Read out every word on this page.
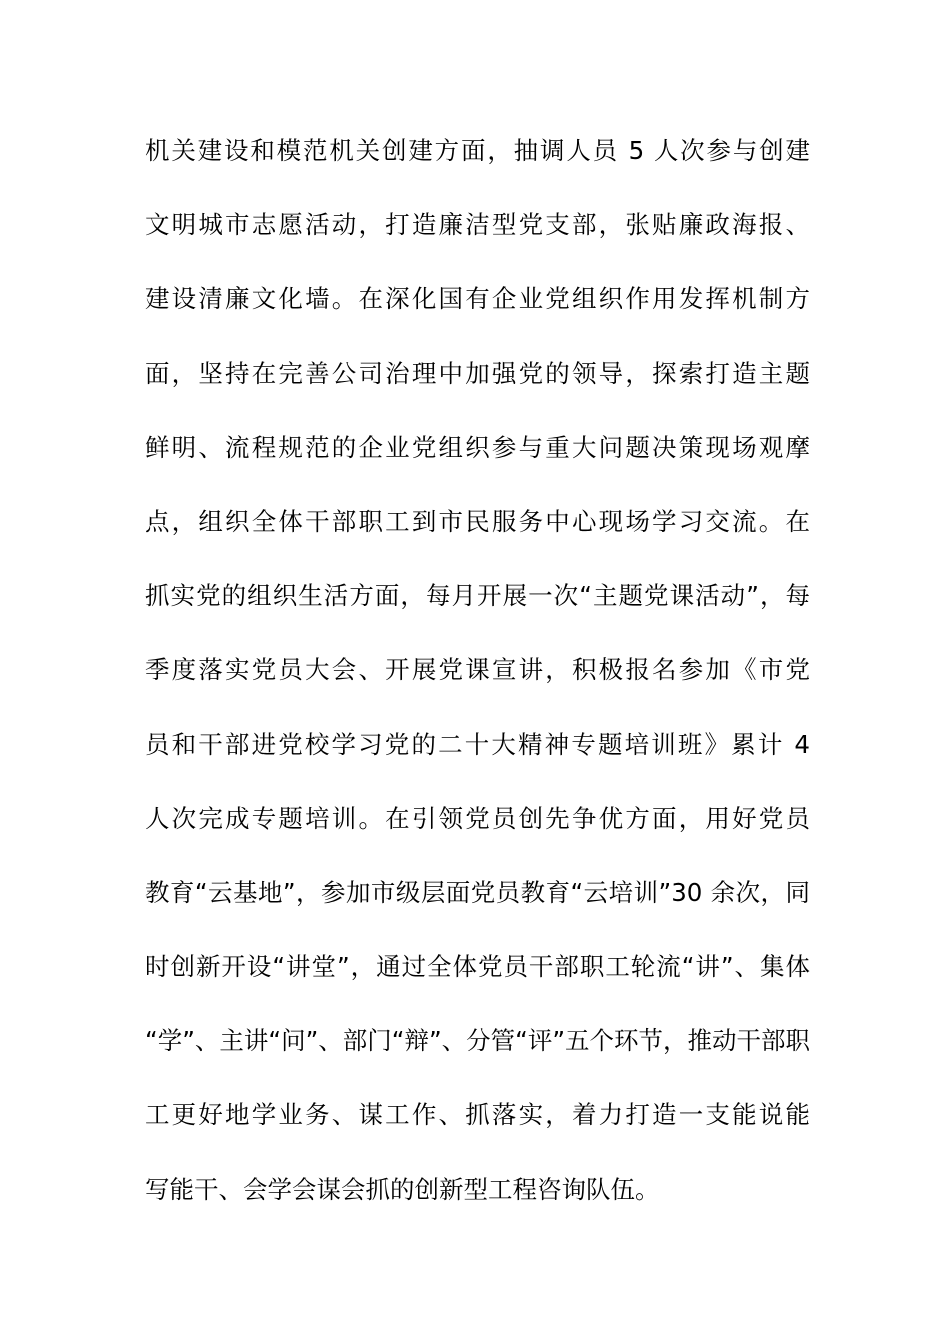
机关建设和模范机关创建方面，抽调人员 5 人次参与创建
文明城市志愿活动，打造廉洁型党支部，张贴廉政海报、
建设清廉文化墙。在深化国有企业党组织作用发挥机制方
面，坚持在完善公司治理中加强党的领导，探索打造主题
鲜明、流程规范的企业党组织参与重大问题决策现场观摩
点，组织全体干部职工到市民服务中心现场学习交流。在
抓实党的组织生活方面，每月开展一次“主题党课活动”，每
季度落实党员大会、开展党课宣讲，积极报名参加《市党
员和干部进党校学习党的二十大精神专题培训班》累计 4
人次完成专题培训。在引领党员创先争优方面，用好党员
教育“云基地”，参加市级层面党员教育“云培训”30 余次，同
时创新开设“讲堂”，通过全体党员干部职工轮流“讲”、集体
“学”、主讲“问”、部门“辩”、分管“评”五个环节，推动干部职
工更好地学业务、谋工作、抓落实，着力打造一支能说能
写能干、会学会谋会抓的创新型工程咨询队伍。
